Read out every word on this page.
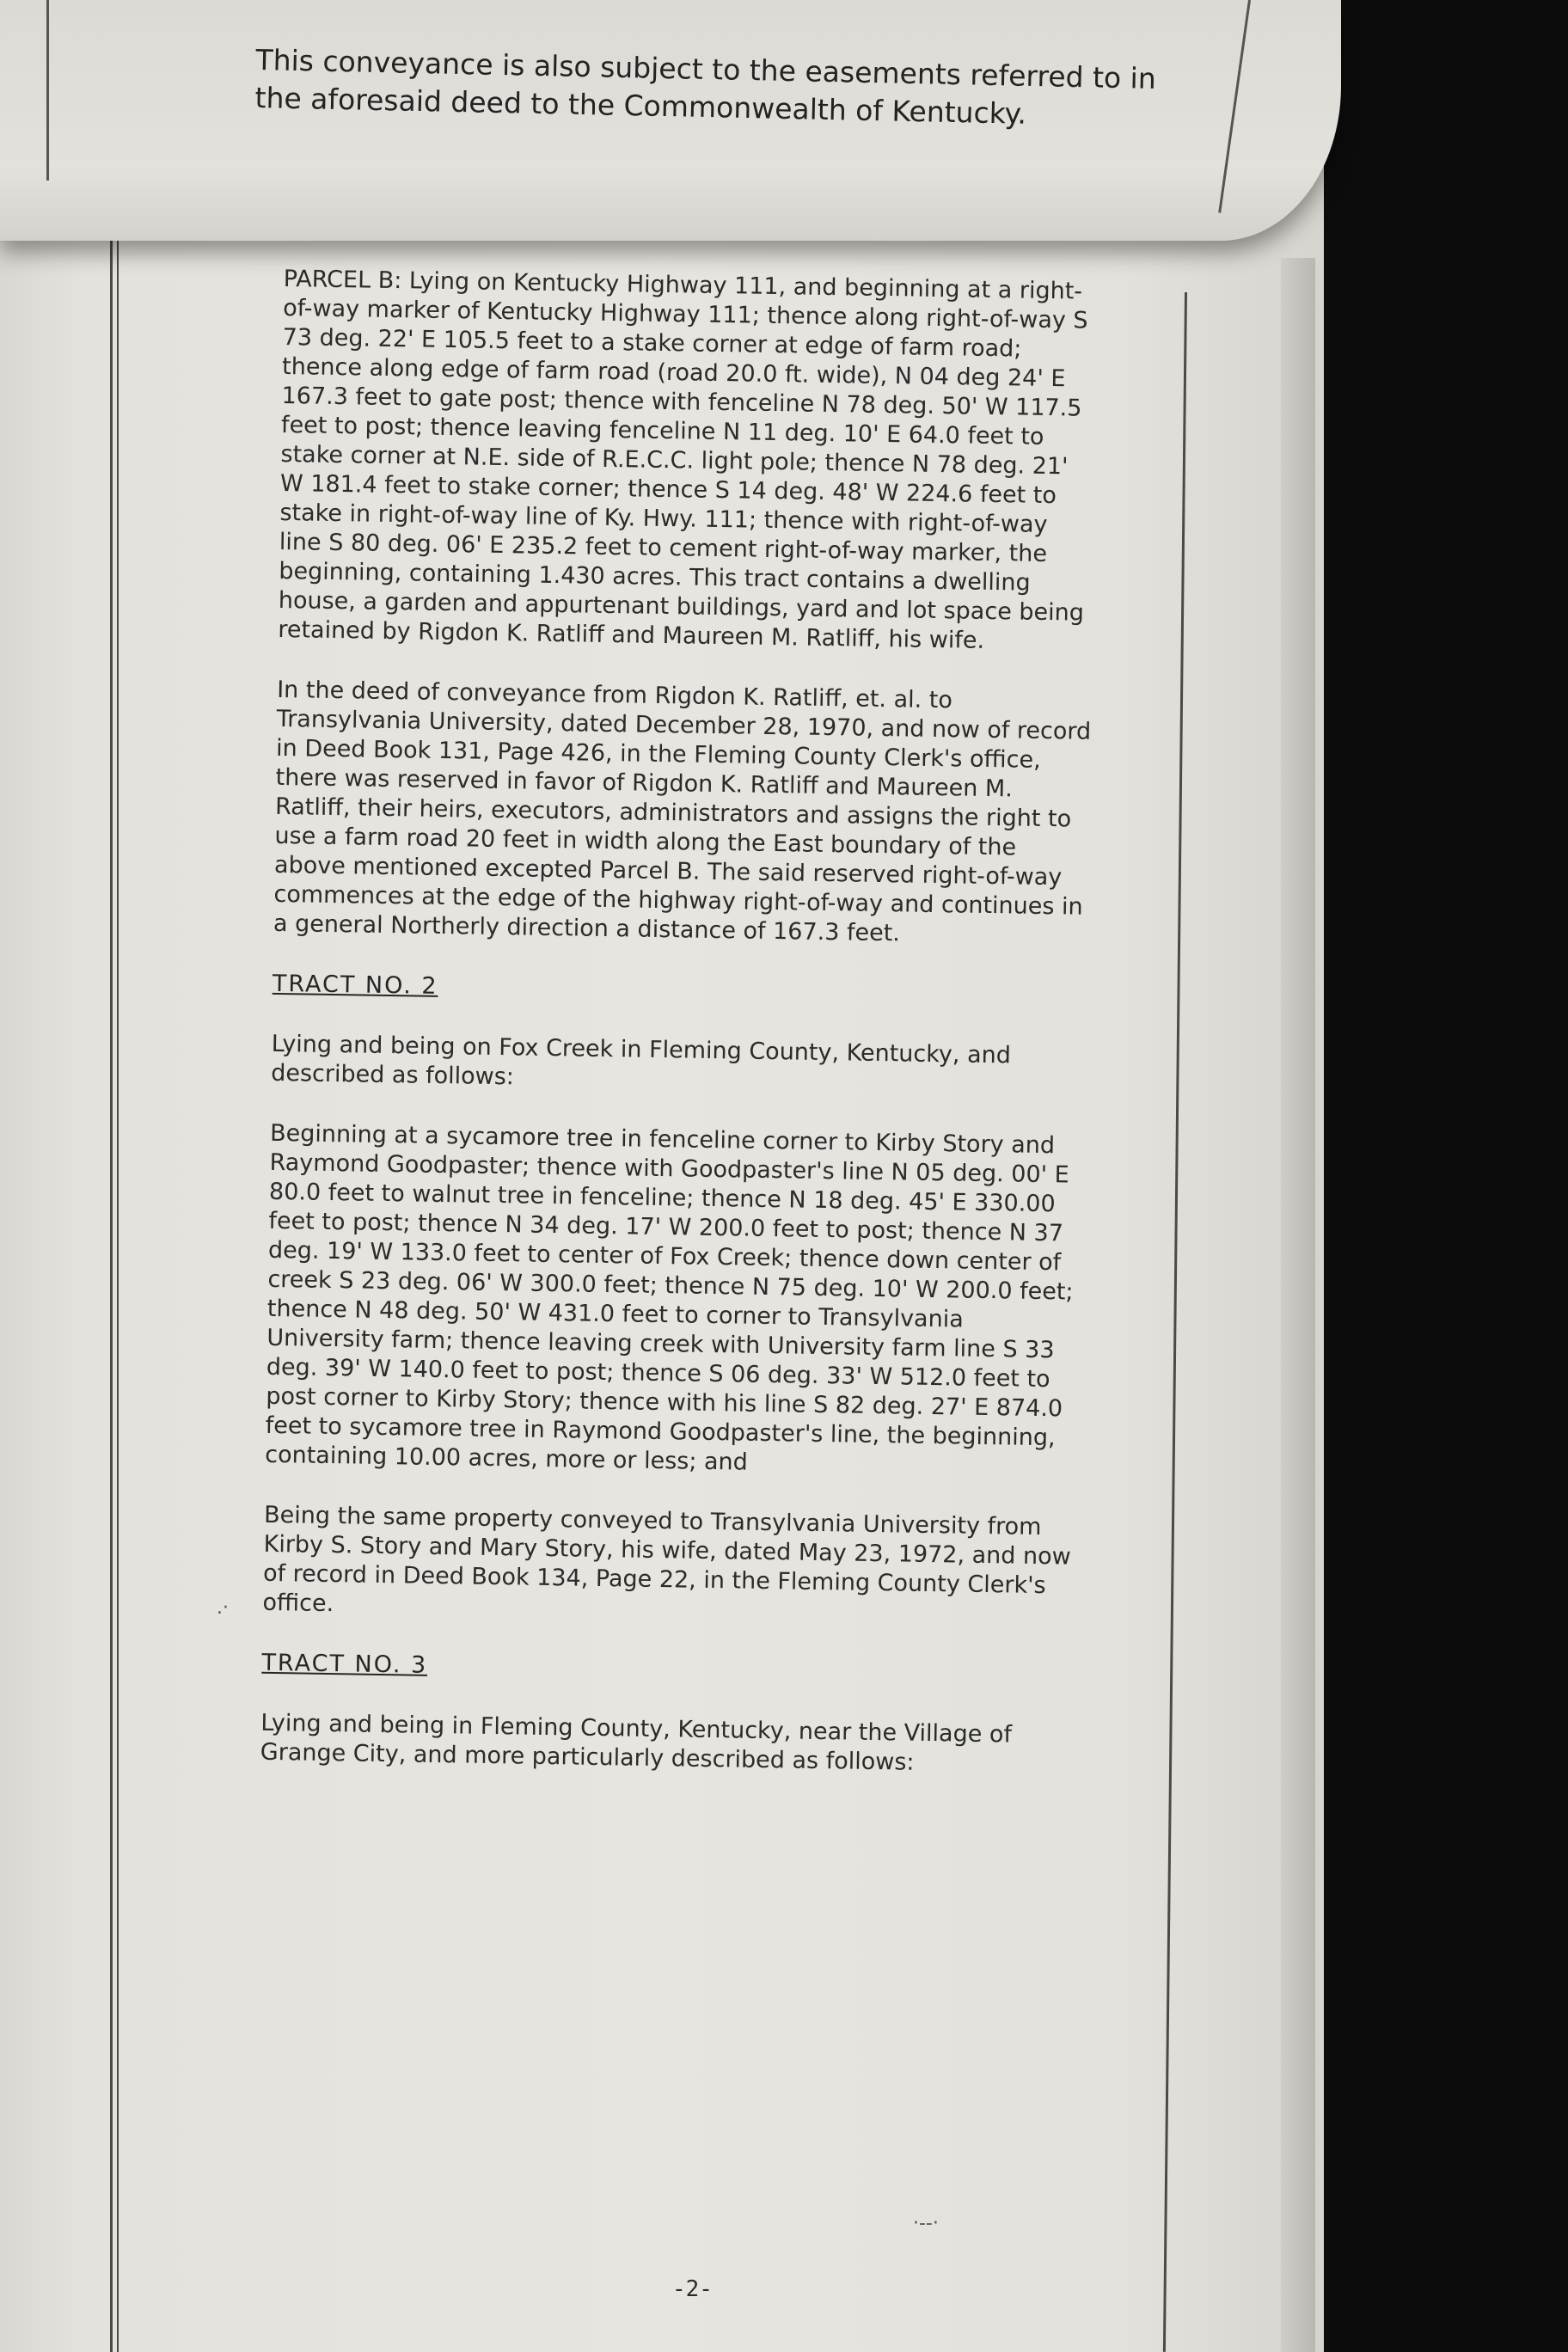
This conveyance is also subject to the easements referred to in the aforesaid deed to the Commonwealth of Kentucky.

PARCEL B: Lying on Kentucky Highway 111, and beginning at a right-of-way marker of Kentucky Highway 111; thence along right-of-way S 73 deg. 22' E 105.5 feet to a stake corner at edge of farm road; thence along edge of farm road (road 20.0 ft. wide), N 04 deg 24' E 167.3 feet to gate post; thence with fenceline N 78 deg. 50' W 117.5 feet to post; thence leaving fenceline N 11 deg. 10' E 64.0 feet to stake corner at N.E. side of R.E.C.C. light pole; thence N 78 deg. 21' W 181.4 feet to stake corner; thence S 14 deg. 48' W 224.6 feet to stake in right-of-way line of Ky. Hwy. 111; thence with right-of-way line S 80 deg. 06' E 235.2 feet to cement right-of-way marker, the beginning, containing 1.430 acres. This tract contains a dwelling house, a garden and appurtenant buildings, yard and lot space being retained by Rigdon K. Ratliff and Maureen M. Ratliff, his wife.

In the deed of conveyance from Rigdon K. Ratliff, et. al. to Transylvania University, dated December 28, 1970, and now of record in Deed Book 131, Page 426, in the Fleming County Clerk's office, there was reserved in favor of Rigdon K. Ratliff and Maureen M. Ratliff, their heirs, executors, administrators and assigns the right to use a farm road 20 feet in width along the East boundary of the above mentioned excepted Parcel B. The said reserved right-of-way commences at the edge of the highway right-of-way and continues in a general Northerly direction a distance of 167.3 feet.

TRACT NO. 2

Lying and being on Fox Creek in Fleming County, Kentucky, and described as follows:

Beginning at a sycamore tree in fenceline corner to Kirby Story and Raymond Goodpaster; thence with Goodpaster's line N 05 deg. 00' E 80.0 feet to walnut tree in fenceline; thence N 18 deg. 45' E 330.00 feet to post; thence N 34 deg. 17' W 200.0 feet to post; thence N 37 deg. 19' W 133.0 feet to center of Fox Creek; thence down center of creek S 23 deg. 06' W 300.0 feet; thence N 75 deg. 10' W 200.0 feet; thence N 48 deg. 50' W 431.0 feet to corner to Transylvania University farm; thence leaving creek with University farm line S 33 deg. 39' W 140.0 feet to post; thence S 06 deg. 33' W 512.0 feet to post corner to Kirby Story; thence with his line S 82 deg. 27' E 874.0 feet to sycamore tree in Raymond Goodpaster's line, the beginning, containing 10.00 acres, more or less; and

Being the same property conveyed to Transylvania University from Kirby S. Story and Mary Story, his wife, dated May 23, 1972, and now of record in Deed Book 134, Page 22, in the Fleming County Clerk's office.

TRACT NO. 3

Lying and being in Fleming County, Kentucky, near the Village of Grange City, and more particularly described as follows:

.·
·--·

-2-
